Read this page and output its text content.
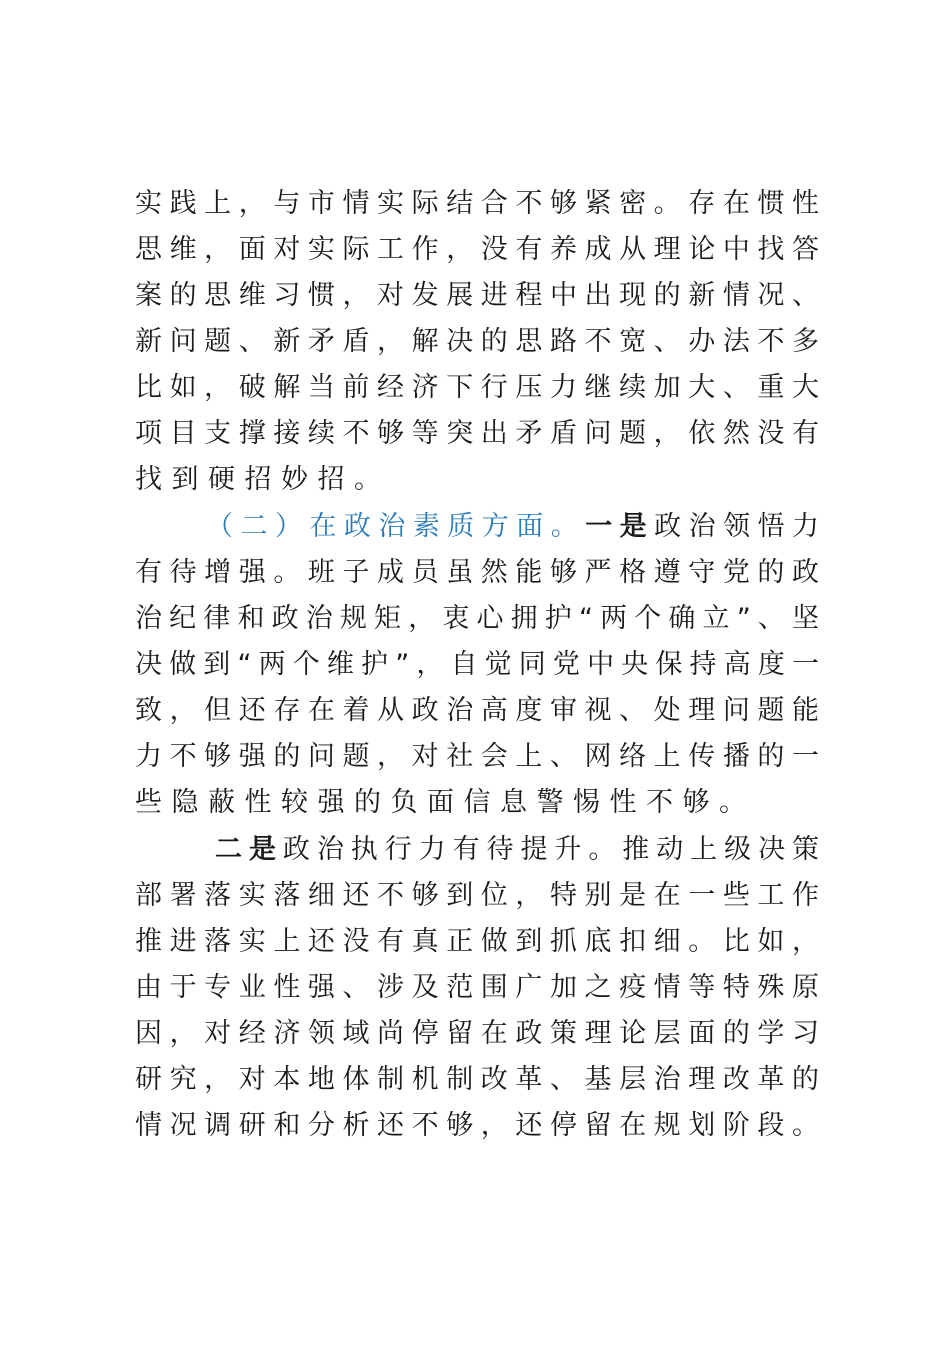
实践上，与市情实际结合不够紧密。存在惯性
思维，面对实际工作，没有养成从理论中找答
案的思维习惯，对发展进程中出现的新情况、
新问题、新矛盾，解决的思路不宽、办法不多
比如，破解当前经济下行压力继续加大、重大
项目支撑接续不够等突出矛盾问题，依然没有
找到硬招妙招。
（二）在政治素质方面。一是政治领悟力
有待增强。班子成员虽然能够严格遵守党的政
治纪律和政治规矩，衷心拥护“两个确立”、坚
决做到“两个维护”，自觉同党中央保持高度一
致，但还存在着从政治高度审视、处理问题能
力不够强的问题，对社会上、网络上传播的一
些隐蔽性较强的负面信息警惕性不够。
二是政治执行力有待提升。推动上级决策
部署落实落细还不够到位，特别是在一些工作
推进落实上还没有真正做到抓底扣细。比如，
由于专业性强、涉及范围广加之疫情等特殊原
因，对经济领域尚停留在政策理论层面的学习
研究，对本地体制机制改革、基层治理改革的
情况调研和分析还不够，还停留在规划阶段。
